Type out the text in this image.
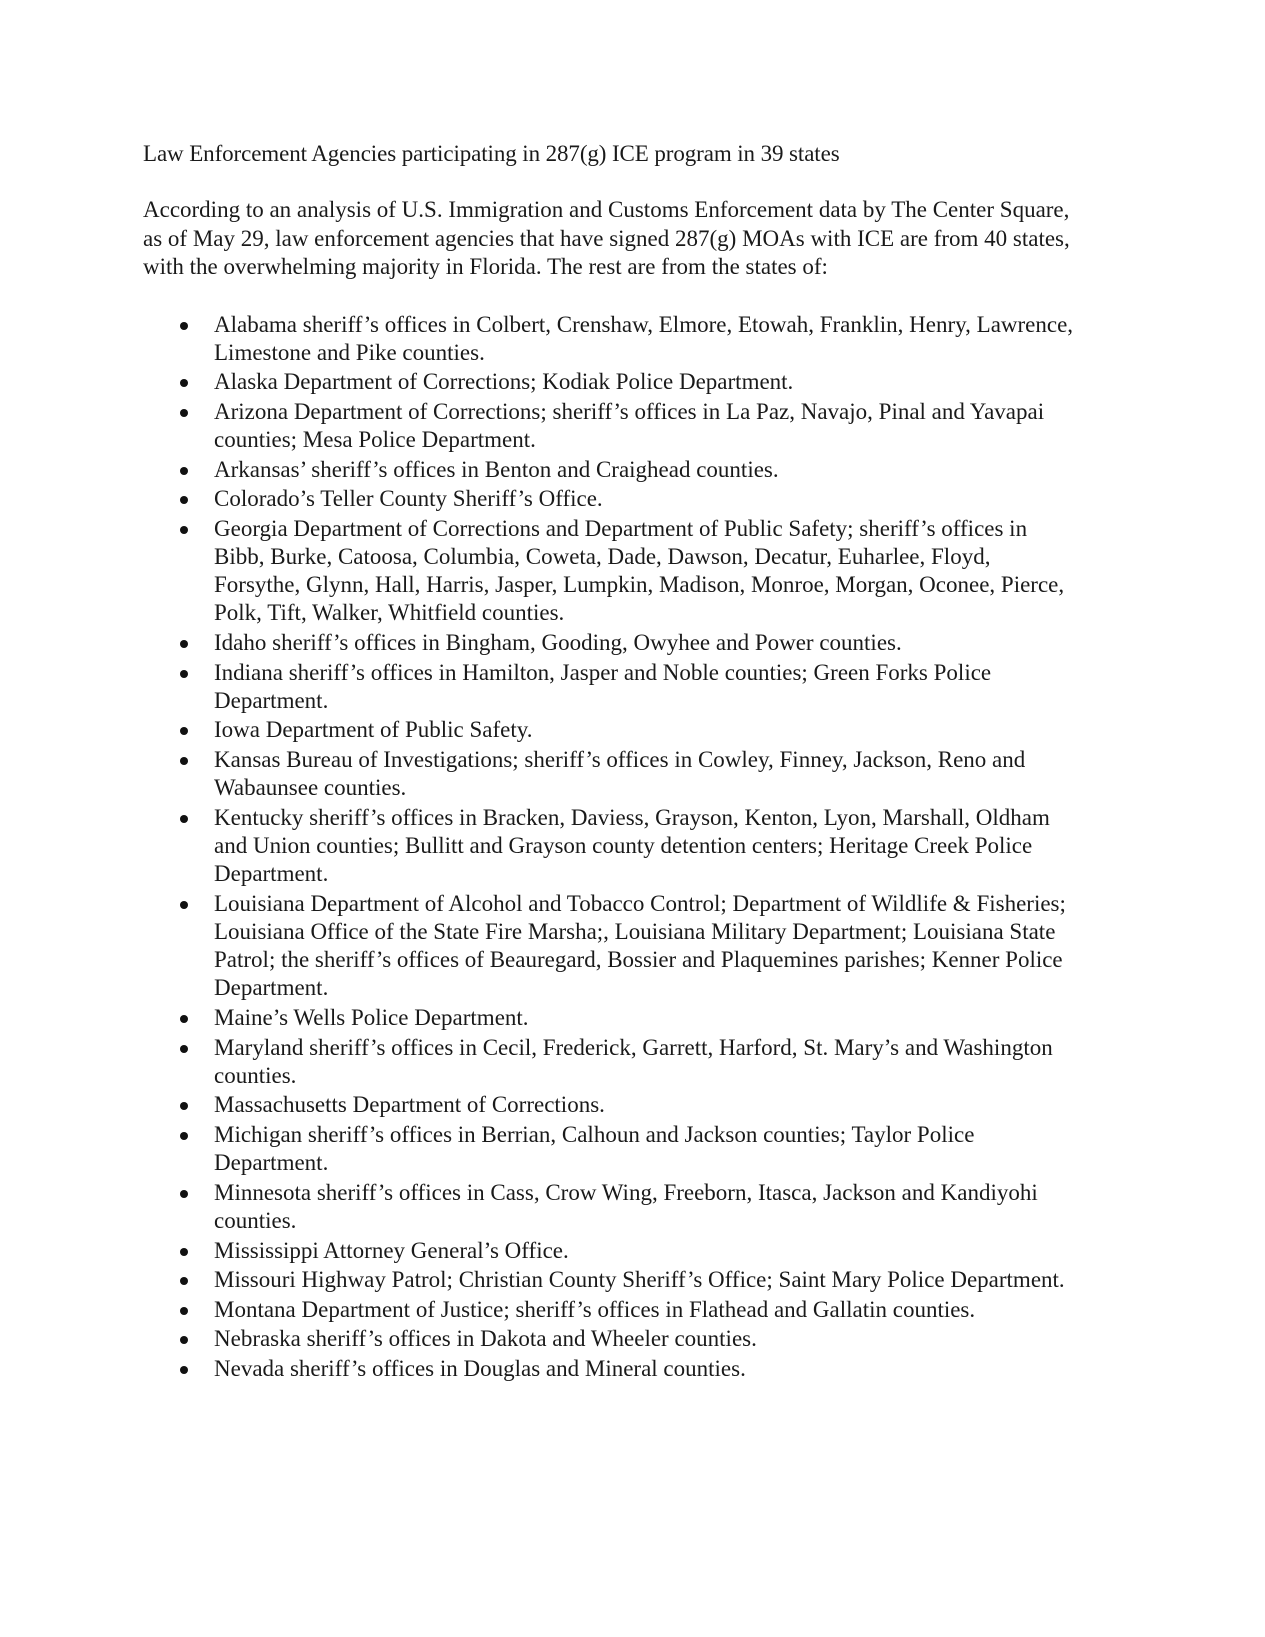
Law Enforcement Agencies participating in 287(g) ICE program in 39 states

According to an analysis of U.S. Immigration and Customs Enforcement data by The Center Square, as of May 29, law enforcement agencies that have signed 287(g) MOAs with ICE are from 40 states, with the overwhelming majority in Florida. The rest are from the states of:

Alabama sheriff’s offices in Colbert, Crenshaw, Elmore, Etowah, Franklin, Henry, Lawrence, Limestone and Pike counties.
Alaska Department of Corrections; Kodiak Police Department.
Arizona Department of Corrections; sheriff’s offices in La Paz, Navajo, Pinal and Yavapai counties; Mesa Police Department.
Arkansas’ sheriff’s offices in Benton and Craighead counties.
Colorado’s Teller County Sheriff’s Office.
Georgia Department of Corrections and Department of Public Safety; sheriff’s offices in Bibb, Burke, Catoosa, Columbia, Coweta, Dade, Dawson, Decatur, Euharlee, Floyd, Forsythe, Glynn, Hall, Harris, Jasper, Lumpkin, Madison, Monroe, Morgan, Oconee, Pierce, Polk, Tift, Walker, Whitfield counties.
Idaho sheriff’s offices in Bingham, Gooding, Owyhee and Power counties.
Indiana sheriff’s offices in Hamilton, Jasper and Noble counties; Green Forks Police Department.
Iowa Department of Public Safety.
Kansas Bureau of Investigations; sheriff’s offices in Cowley, Finney, Jackson, Reno and Wabaunsee counties.
Kentucky sheriff’s offices in Bracken, Daviess, Grayson, Kenton, Lyon, Marshall, Oldham and Union counties; Bullitt and Grayson county detention centers; Heritage Creek Police Department.
Louisiana Department of Alcohol and Tobacco Control; Department of Wildlife & Fisheries; Louisiana Office of the State Fire Marsha;, Louisiana Military Department; Louisiana State Patrol; the sheriff’s offices of Beauregard, Bossier and Plaquemines parishes; Kenner Police Department.
Maine’s Wells Police Department.
Maryland sheriff’s offices in Cecil, Frederick, Garrett, Harford, St. Mary’s and Washington counties.
Massachusetts Department of Corrections.
Michigan sheriff’s offices in Berrian, Calhoun and Jackson counties; Taylor Police Department.
Minnesota sheriff’s offices in Cass, Crow Wing, Freeborn, Itasca, Jackson and Kandiyohi counties.
Mississippi Attorney General’s Office.
Missouri Highway Patrol; Christian County Sheriff’s Office; Saint Mary Police Department.
Montana Department of Justice; sheriff’s offices in Flathead and Gallatin counties.
Nebraska sheriff’s offices in Dakota and Wheeler counties.
Nevada sheriff’s offices in Douglas and Mineral counties.
